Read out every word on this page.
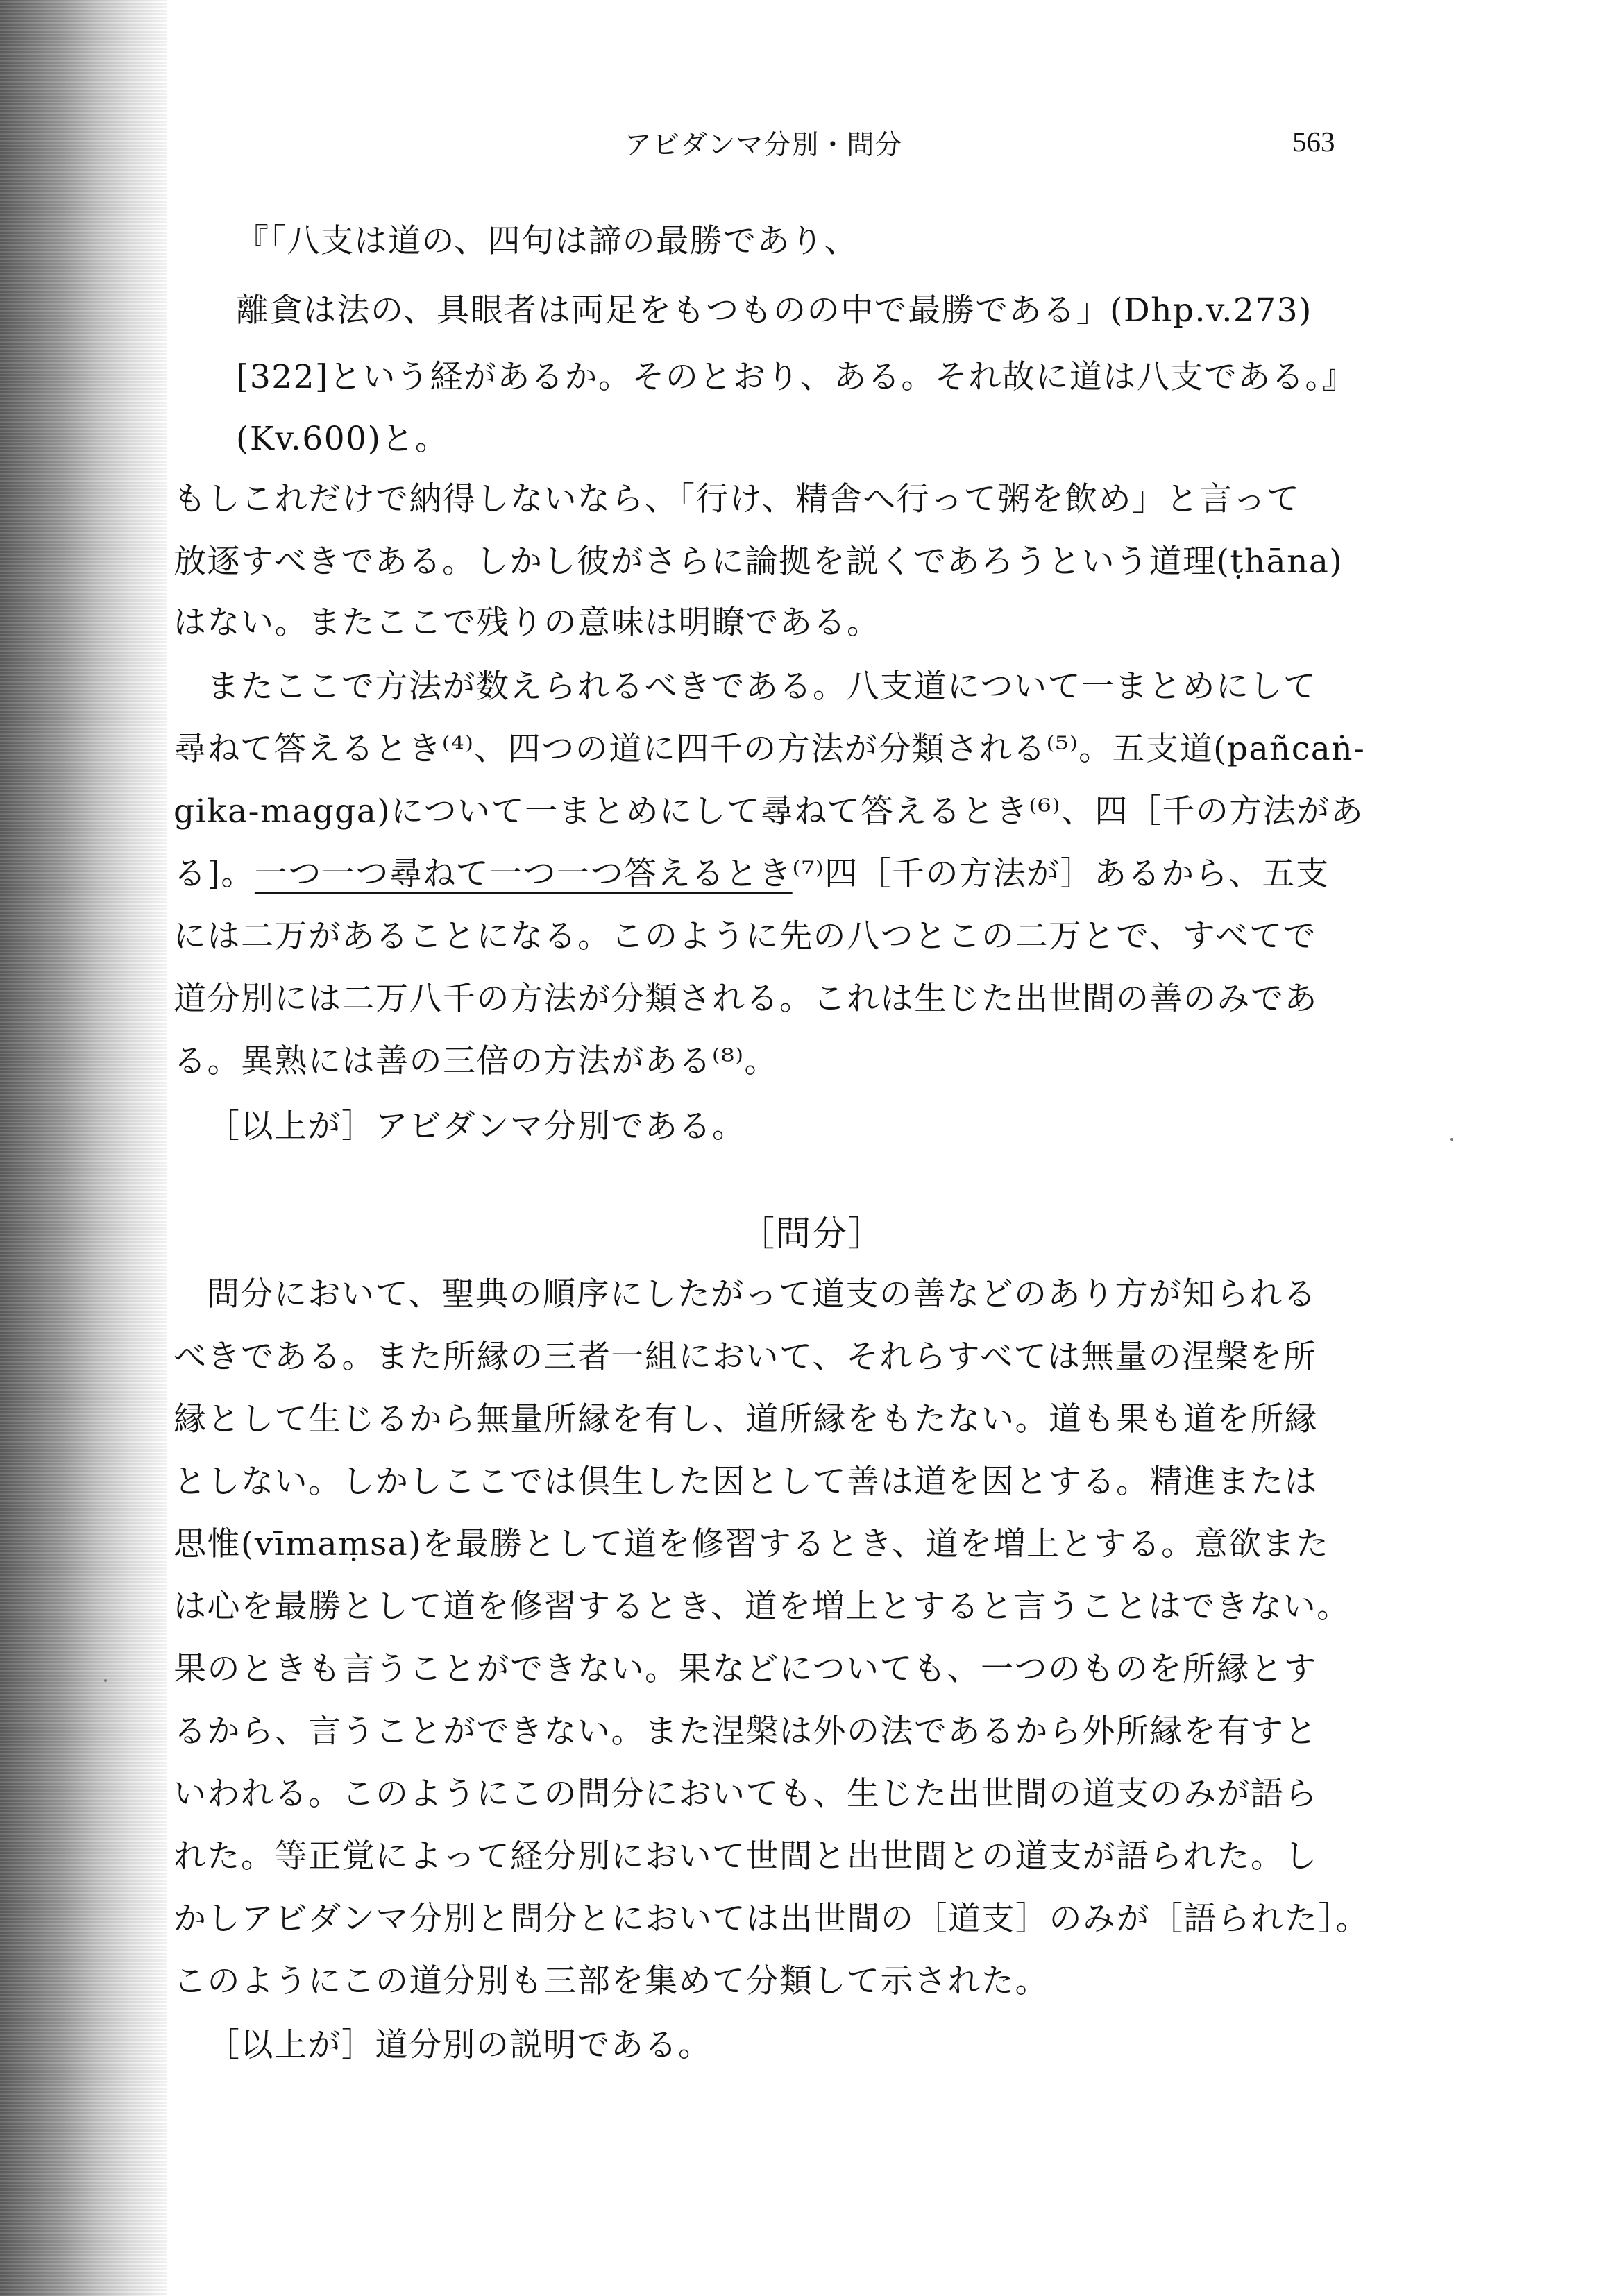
アビダンマ分別・問分	563
『「八支は道の、四句は諦の最勝であり、
離貪は法の、具眼者は両足をもつものの中で最勝である」(Dhp.v.273)
[322]という経があるか。そのとおり、ある。それ故に道は八支である。』
(Kv.600)と。
もしこれだけで納得しないなら、「行け、精舎へ行って粥を飲め」と言って
放逐すべきである。しかし彼がさらに論拠を説くであろうという道理(ṭhāna)
はない。またここで残りの意味は明瞭である。
またここで方法が数えられるべきである。八支道について一まとめにして
尋ねて答えるとき⁽⁴⁾、四つの道に四千の方法が分類される⁽⁵⁾。五支道(pañcaṅ-
gika-magga)について一まとめにして尋ねて答えるとき⁽⁶⁾、四［千の方法があ
る]。一つ一つ尋ねて一つ一つ答えるとき⁽⁷⁾四［千の方法が］あるから、五支
には二万があることになる。このように先の八つとこの二万とで、すべてで
道分別には二万八千の方法が分類される。これは生じた出世間の善のみであ
る。異熟には善の三倍の方法がある⁽⁸⁾。
［以上が］アビダンマ分別である。
［問分］
問分において、聖典の順序にしたがって道支の善などのあり方が知られる
べきである。また所縁の三者一組において、それらすべては無量の涅槃を所
縁として生じるから無量所縁を有し、道所縁をもたない。道も果も道を所縁
としない。しかしここでは倶生した因として善は道を因とする。精進または
思惟(vīmaṃsa)を最勝として道を修習するとき、道を増上とする。意欲また
は心を最勝として道を修習するとき、道を増上とすると言うことはできない。
果のときも言うことができない。果などについても、一つのものを所縁とす
るから、言うことができない。また涅槃は外の法であるから外所縁を有すと
いわれる。このようにこの問分においても、生じた出世間の道支のみが語ら
れた。等正覚によって経分別において世間と出世間との道支が語られた。し
かしアビダンマ分別と問分とにおいては出世間の［道支］のみが［語られた］。
このようにこの道分別も三部を集めて分類して示された。
［以上が］道分別の説明である。
